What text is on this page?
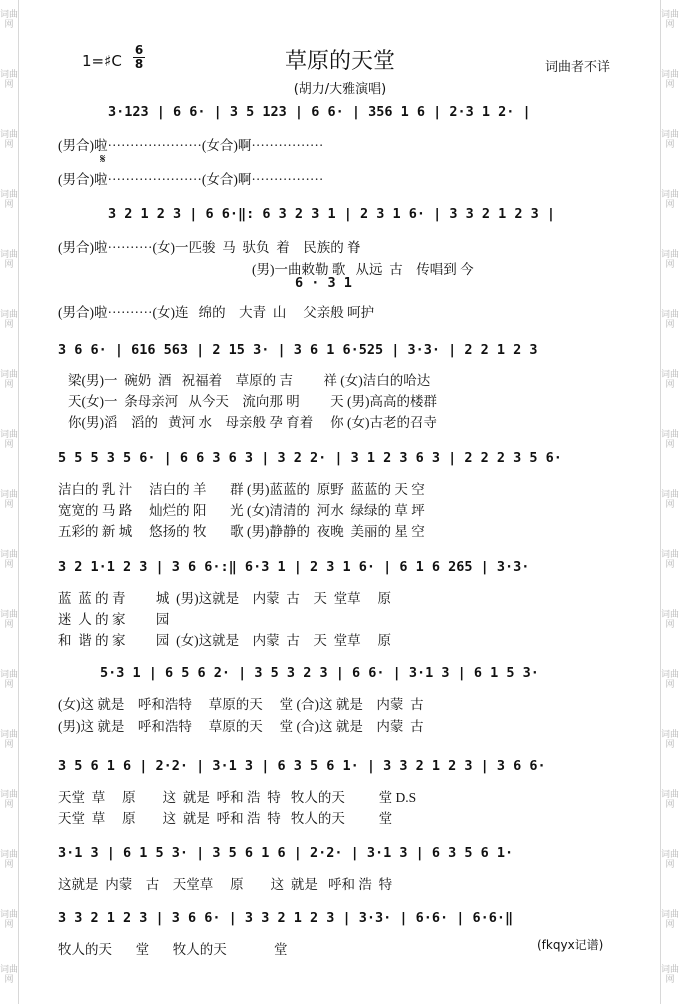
1=♯C
6
8	草原的天堂
(胡力/大雅演唱)
词曲者不详
𝄋
3·123 | 6 6· | 3 5 123 | 6 6· | 356 1 6 | 2·3 1 2· |
3 2 1 2 3 | 6 6·‖: 6 3 2 3 1 | 2 3 1 6· | 3 3 2 1 2 3 |
6 · 3 1
3 6 6· | 616 563 | 2 15 3· | 3 6 1 6·525 | 3·3· | 2 2 1 2 3
5 5 5 3 5 6· | 6 6 3 6 3 | 3 2 2· | 3 1 2 3 6 3 | 2 2 2 3 5 6·
3 2 1·1 2 3 | 3 6 6·:‖ 6·3 1 | 2 3 1 6· | 6 1 6 265 | 3·3·
5·3 1 | 6 5 6 2· | 3 5 3 2 3 | 6 6· | 3·1 3 | 6 1 5 3·
3 5 6 1 6 | 2·2· | 3·1 3 | 6 3 5 6 1· | 3 3 2 1 2 3 | 3 6 6·
3·1 3 | 6 1 5 3· | 3 5 6 1 6 | 2·2· | 3·1 3 | 6 3 5 6 1·
3 3 2 1 2 3 | 3 6 6· | 3 3 2 1 2 3 | 3·3· | 6·6· | 6·6·‖
(男合)啦·····················(女合)啊················
(男合)啦·····················(女合)啊················
(男合)啦··········(女)一匹骏  马  驮负  着    民族的 脊
(男)一曲敕勒 歌   从远  古    传唱到 今
(男合)啦··········(女)连   绵的    大青  山     父亲般 呵护
梁(男)一  碗奶  酒   祝福着    草原的 吉         祥 (女)洁白的哈达
天(女)一  条母亲河   从今天    流向那 明         天 (男)高高的楼群
你(男)滔    滔的   黄河 水    母亲般 孕 育着     你 (女)古老的召寺
洁白的 乳 汁     洁白的 羊       群 (男)蓝蓝的  原野  蓝蓝的 天 空
宽宽的 马 路     灿烂的 阳       光 (女)清清的  河水  绿绿的 草 坪
五彩的 新 城     悠扬的 牧       歌 (男)静静的  夜晚  美丽的 星 空
蓝  蓝 的 青         城  (男)这就是    内蒙  古    天  堂草     原
迷  人 的 家         园
和  谐 的 家         园  (女)这就是    内蒙  古    天  堂草     原
(女)这 就是    呼和浩特     草原的天     堂 (合)这 就是    内蒙  古
(男)这 就是    呼和浩特     草原的天     堂 (合)这 就是    内蒙  古
天堂  草     原        这  就是  呼和 浩  特   牧人的天          堂 D.S
天堂  草     原        这  就是  呼和 浩  特   牧人的天          堂
这就是  内蒙    古    天堂草     原        这  就是   呼和 浩  特
牧人的天       堂       牧人的天              堂	(fkqyx记谱)
词曲网
词曲网
词曲网
词曲网
词曲网
词曲网
词曲网
词曲网
词曲网
词曲网
词曲网
词曲网
词曲网
词曲网
词曲网
词曲网
词曲网
词曲网
词曲网
词曲网
词曲网
词曲网
词曲网
词曲网
词曲网
词曲网
词曲网
词曲网
词曲网
词曲网
词曲网
词曲网
词曲网
词曲网
